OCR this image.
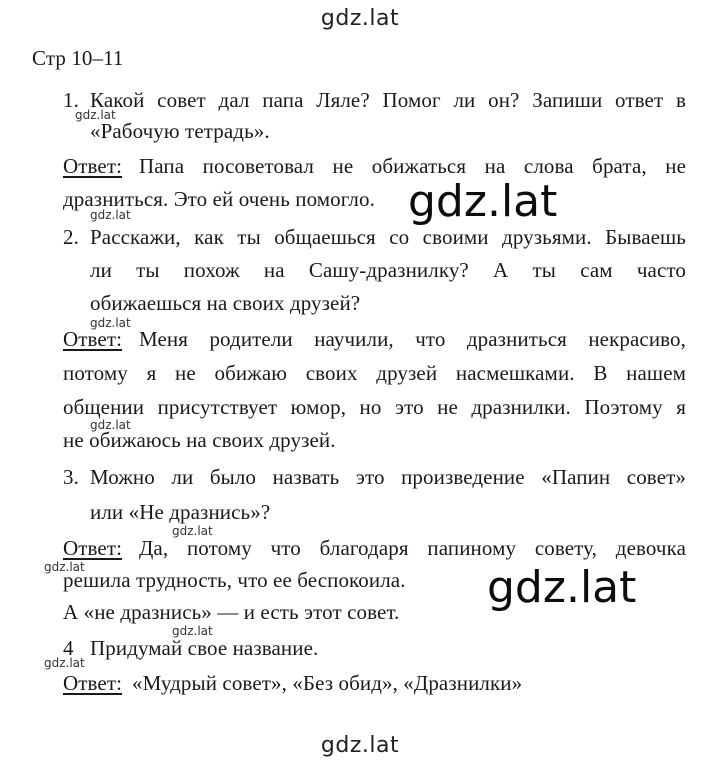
gdz.lat
gdz.lat
gdz.lat
gdz.lat
gdz.lat
gdz.lat
gdz.lat
gdz.lat
gdz.lat
gdz.lat
gdz.lat
gdz.lat
Стр 10–11
1. Какой совет дал папа Ляле? Помог ли он? Запиши ответ в
«Рабочую тетрадь».
Ответ: Папа посоветовал не обижаться на слова брата, не
дразниться. Это ей очень помогло.
2. Расскажи, как ты общаешься со своими друзьями. Бываешь
ли ты похож на Сашу-дразнилку? А ты сам часто
обижаешься на своих друзей?
Ответ: Меня родители научили, что дразниться некрасиво,
потому я не обижаю своих друзей насмешками. В нашем
общении присутствует юмор, но это не дразнилки. Поэтому я
не обижаюсь на своих друзей.
3. Можно ли было назвать это произведение «Папин совет»
или «Не дразнись»?
Ответ: Да, потому что благодаря папиному совету, девочка
решила трудность, что ее беспокоила.
А «не дразнись» — и есть этот совет.
4 Придумай свое название.
Ответ: «Мудрый совет», «Без обид», «Дразнилки»
